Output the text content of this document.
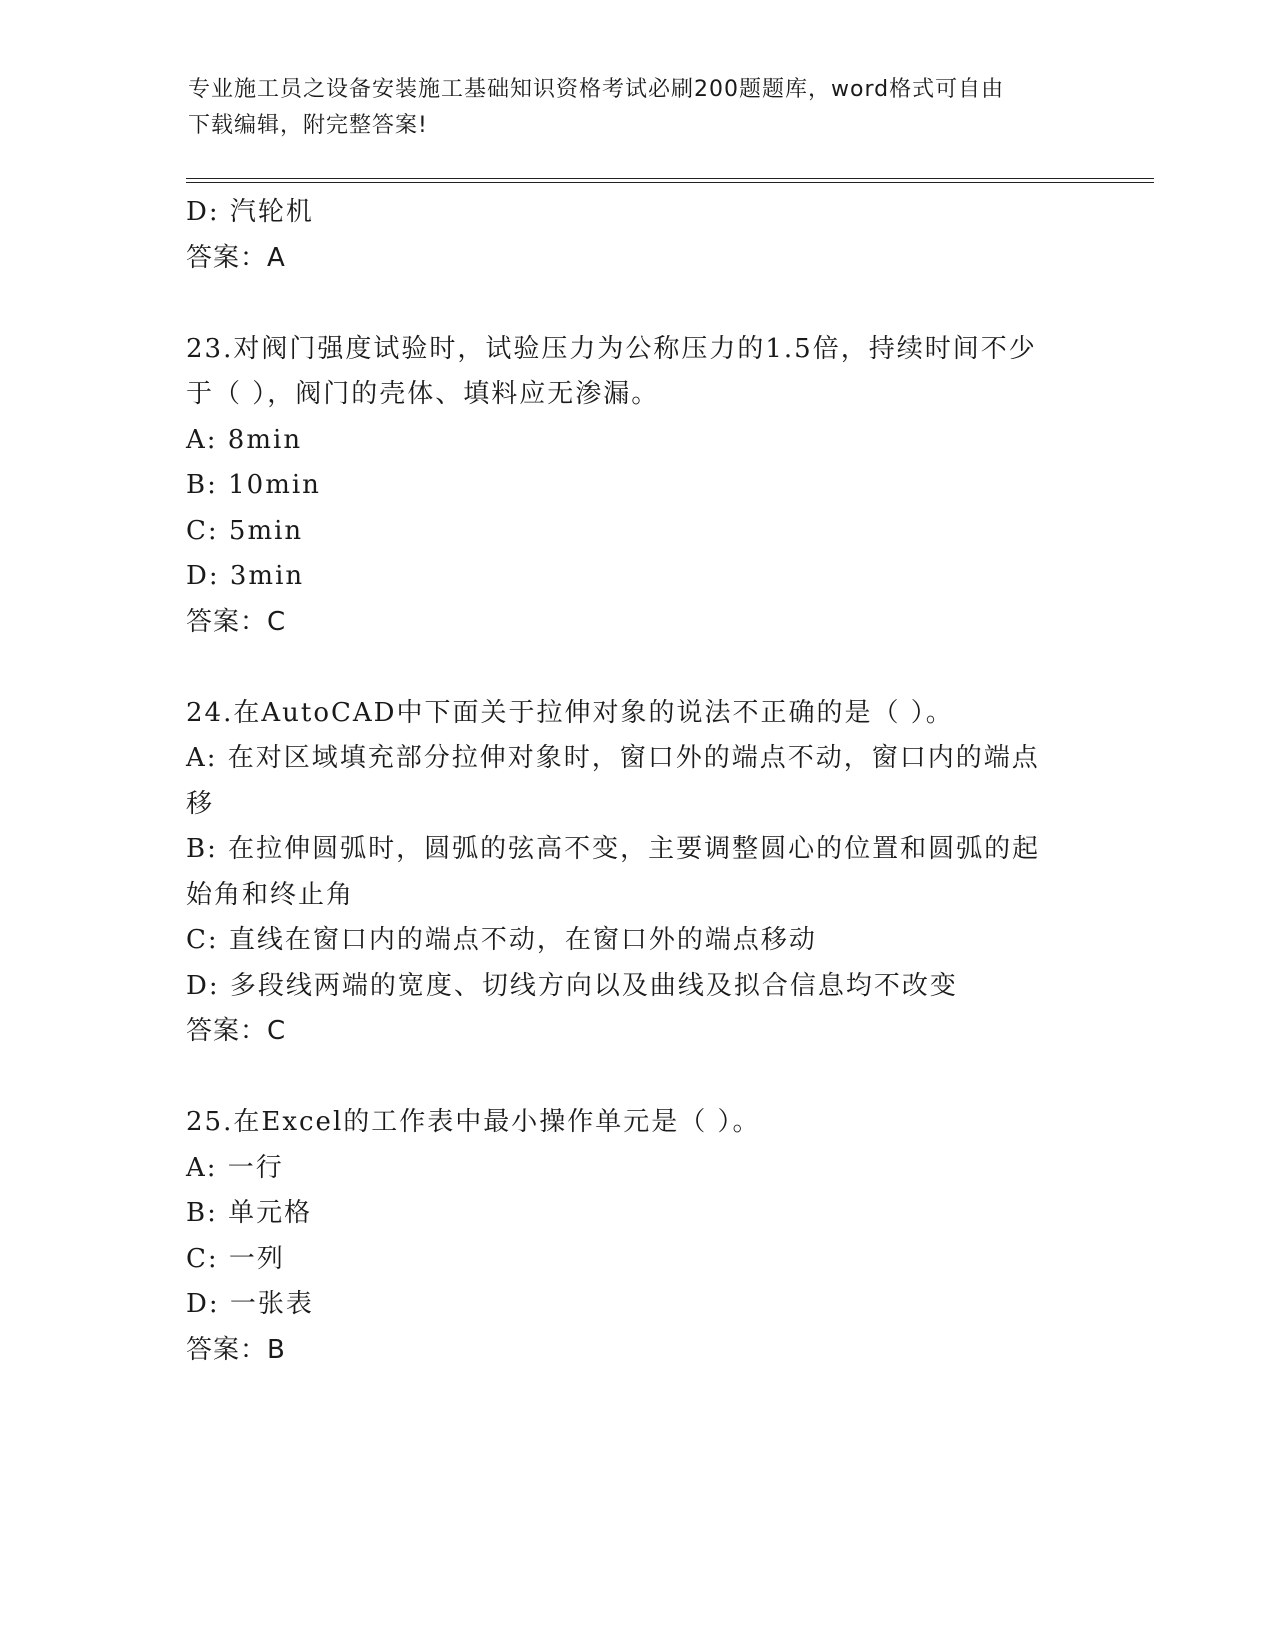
专业施工员之设备安装施工基础知识资格考试必刷200题题库，word格式可自由
下载编辑，附完整答案!

D: 汽轮机

答案：A

23.对阀门强度试验时，试验压力为公称压力的1.5倍，持续时间不少

于（ ），阀门的壳体、填料应无渗漏。

A: 8min

B: 10min

C: 5min

D: 3min

答案：C

24.在AutoCAD中下面关于拉伸对象的说法不正确的是（ ）。

A: 在对区域填充部分拉伸对象时，窗口外的端点不动，窗口内的端点

移

B: 在拉伸圆弧时，圆弧的弦高不变，主要调整圆心的位置和圆弧的起

始角和终止角

C: 直线在窗口内的端点不动，在窗口外的端点移动

D: 多段线两端的宽度、切线方向以及曲线及拟合信息均不改变

答案：C

25.在Excel的工作表中最小操作单元是（ ）。

A: 一行

B: 单元格

C: 一列

D: 一张表

答案：B
